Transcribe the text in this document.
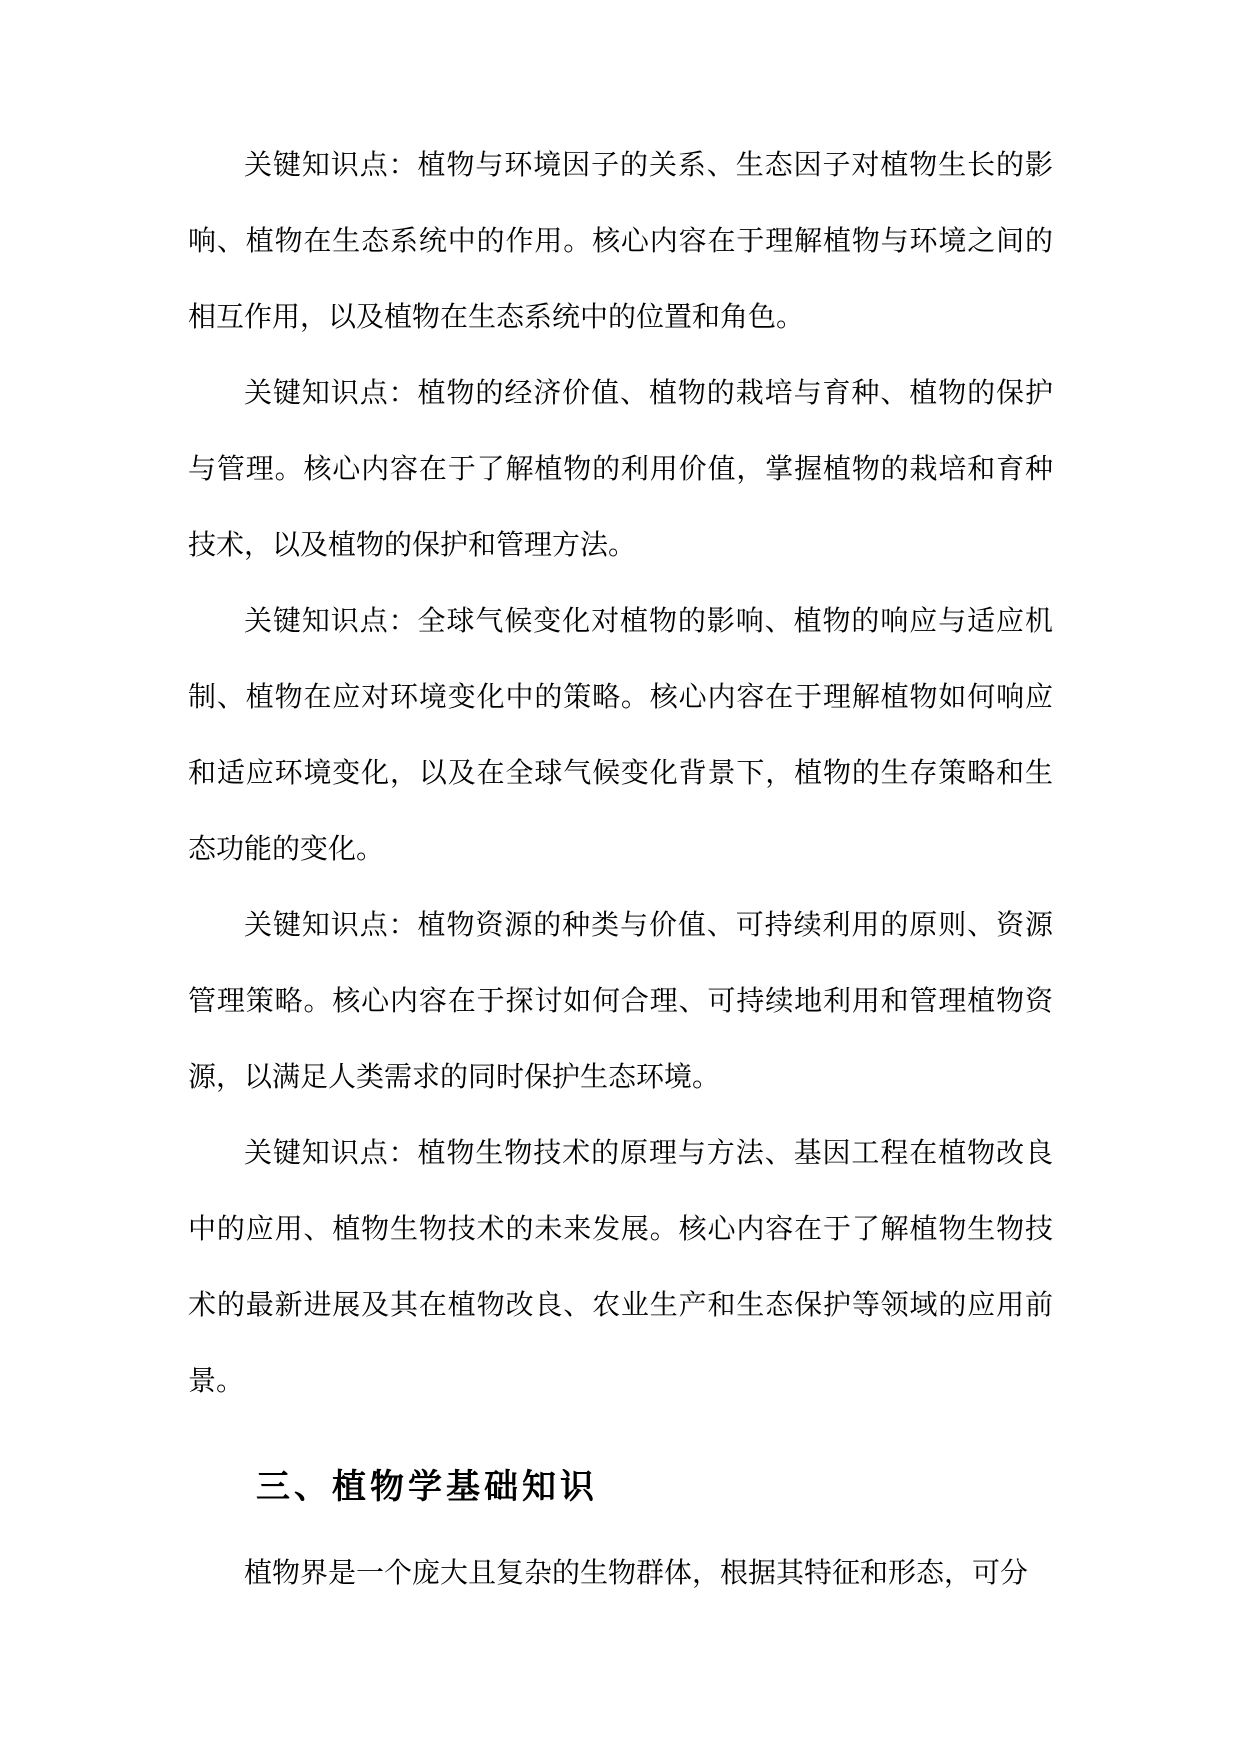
关键知识点：植物与环境因子的关系、生态因子对植物生长的影响、植物在生态系统中的作用。核心内容在于理解植物与环境之间的相互作用，以及植物在生态系统中的位置和角色。

关键知识点：植物的经济价值、植物的栽培与育种、植物的保护与管理。核心内容在于了解植物的利用价值，掌握植物的栽培和育种技术，以及植物的保护和管理方法。

关键知识点：全球气候变化对植物的影响、植物的响应与适应机制、植物在应对环境变化中的策略。核心内容在于理解植物如何响应和适应环境变化，以及在全球气候变化背景下，植物的生存策略和生态功能的变化。

关键知识点：植物资源的种类与价值、可持续利用的原则、资源管理策略。核心内容在于探讨如何合理、可持续地利用和管理植物资源，以满足人类需求的同时保护生态环境。

关键知识点：植物生物技术的原理与方法、基因工程在植物改良中的应用、植物生物技术的未来发展。核心内容在于了解植物生物技术的最新进展及其在植物改良、农业生产和生态保护等领域的应用前景。

三、植物学基础知识

植物界是一个庞大且复杂的生物群体，根据其特征和形态，可分
